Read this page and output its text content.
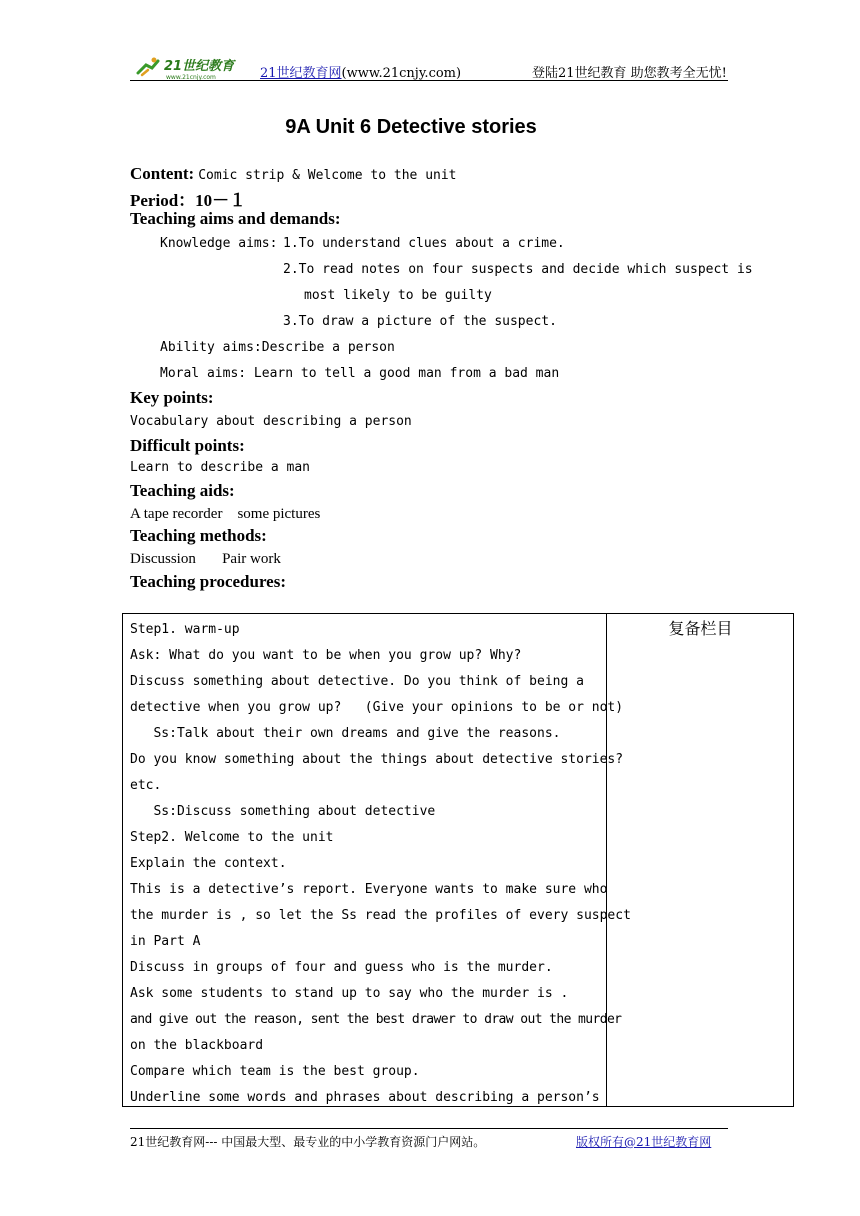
21世纪教育
www.21cnjy.com	21世纪教育网(www.21cnjy.com)	登陆21世纪教育 助您教考全无忧!
9A Unit 6 Detective stories
Content: Comic strip & Welcome to the unit
Period：10－１
Teaching aims and demands:
Knowledge aims: 1.To understand clues about a crime.
2.To read notes on four suspects and decide which suspect is
most likely to be guilty
3.To draw a picture of the suspect.
Ability aims:Describe a person
Moral aims: Learn to tell a good man from a bad man
Key points:
Vocabulary about describing a person
Difficult points:
Learn to describe a man
Teaching aids:
A tape recorder    some pictures
Teaching methods:
Discussion       Pair work
Teaching procedures:
复备栏目
Step1. warm-up
Ask: What do you want to be when you grow up? Why?
Discuss something about detective. Do you think of being a
detective when you grow up?   (Give your opinions to be or not)
Ss:Talk about their own dreams and give the reasons.
Do you know something about the things about detective stories?
etc.
Ss:Discuss something about detective
Step2. Welcome to the unit
Explain the context.
This is a detective’s report. Everyone wants to make sure who
the murder is , so let the Ss read the profiles of every suspect
in Part A
Discuss in groups of four and guess who is the murder.
Ask some students to stand up to say who the murder is .
and give out the reason, sent the best drawer to draw out the murder
on the blackboard
Compare which team is the best group.
Underline some words and phrases about describing a person’s
21世纪教育网--- 中国最大型、最专业的中小学教育资源门户网站。	版权所有@21世纪教育网
